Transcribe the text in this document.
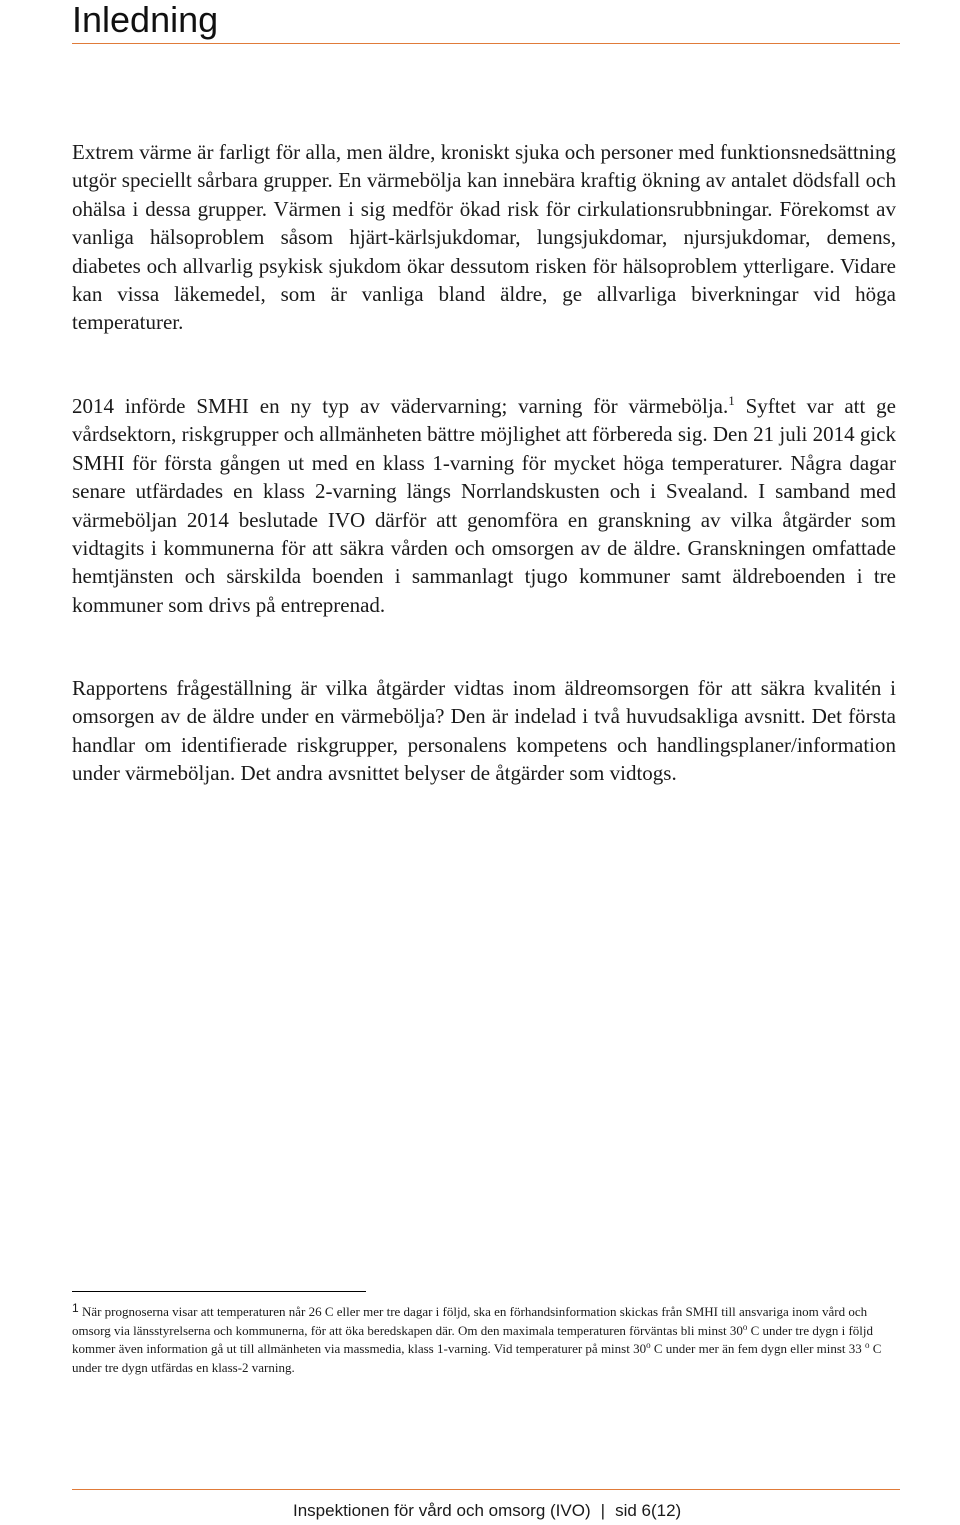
Inledning

Extrem värme är farligt för alla, men äldre, kroniskt sjuka och personer med funktionsnedsättning utgör speciellt sårbara grupper. En värmebölja kan innebära kraftig ökning av antalet dödsfall och ohälsa i dessa grupper. Värmen i sig medför ökad risk för cirkulationsrubbningar. Förekomst av vanliga hälsoproblem såsom hjärt-kärlsjukdomar, lungsjukdomar, njursjukdomar, demens, diabetes och allvarlig psykisk sjukdom ökar dessutom risken för hälsoproblem ytterligare. Vidare kan vissa läkemedel, som är vanliga bland äldre, ge allvarliga biverkningar vid höga temperaturer.

2014 införde SMHI en ny typ av vädervarning; varning för värmebölja.$^1$ Syftet var att ge vårdsektorn, riskgrupper och allmänheten bättre möjlighet att förbereda sig. Den 21 juli 2014 gick SMHI för första gången ut med en klass 1-varning för mycket höga temperaturer. Några dagar senare utfärdades en klass 2-varning längs Norrlandskusten och i Svealand. I samband med värmeböljan 2014 beslutade IVO därför att genomföra en granskning av vilka åtgärder som vidtagits i kommunerna för att säkra vården och omsorgen av de äldre. Granskningen omfattade hemtjänsten och särskilda boenden i sammanlagt tjugo kommuner samt äldreboenden i tre kommuner som drivs på entreprenad.

Rapportens frågeställning är vilka åtgärder vidtas inom äldreomsorgen för att säkra kvalitén i omsorgen av de äldre under en värmebölja? Den är indelad i två huvudsakliga avsnitt. Det första handlar om identifierade riskgrupper, personalens kompetens och handlingsplaner/information under värmeböljan. Det andra avsnittet belyser de åtgärder som vidtogs.

1 När prognoserna visar att temperaturen når 26 C eller mer tre dagar i följd, ska en förhandsinformation skickas från SMHI till ansvariga inom vård och omsorg via länsstyrelserna och kommunerna, för att öka beredskapen där. Om den maximala temperaturen förväntas bli minst 30$^o$ C under tre dygn i följd kommer även information gå ut till allmänheten via massmedia, klass 1-varning. Vid temperaturer på minst 30$^o$ C under mer än fem dygn eller minst 33 $^o$ C under tre dygn utfärdas en klass-2 varning.

Inspektionen för vård och omsorg (IVO) | sid 6(12)
